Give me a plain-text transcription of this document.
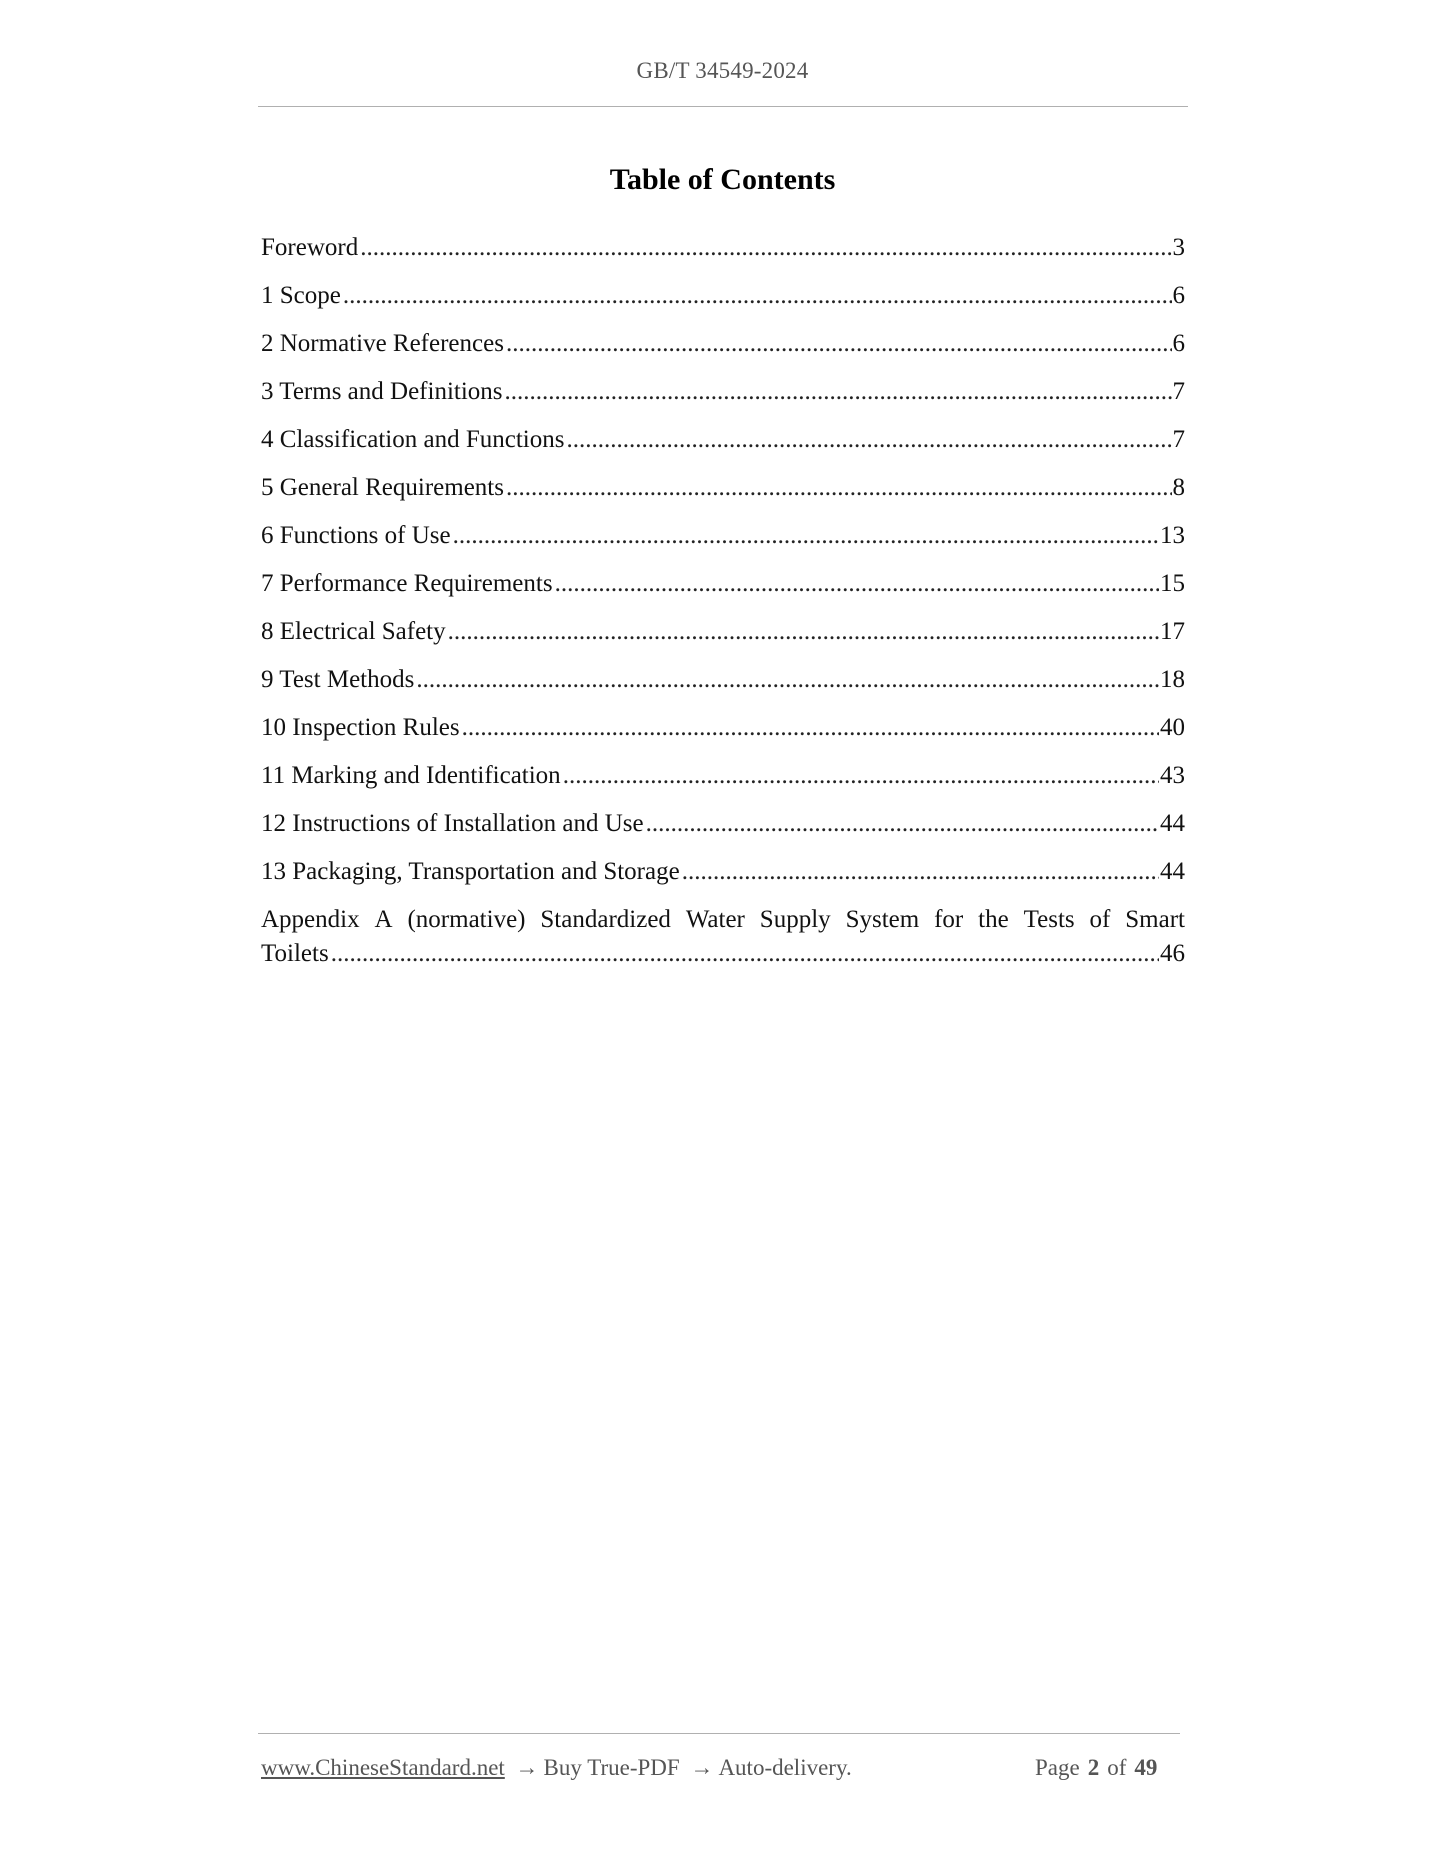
GB/T 34549-2024
Table of Contents
Foreword .....	3
1 Scope .....	6
2 Normative References .....	6
3 Terms and Definitions .....	7
4 Classification and Functions .....	7
5 General Requirements .....	8
6 Functions of Use .....	13
7 Performance Requirements .....	15
8 Electrical Safety .....	17
9 Test Methods .....	18
10 Inspection Rules .....	40
11 Marking and Identification .....	43
12 Instructions of Installation and Use .....	44
13 Packaging, Transportation and Storage .....	44
Appendix A (normative) Standardized Water Supply System for the Tests of Smart
Toilets .....	46
www.ChineseStandard.net → Buy True-PDF → Auto-delivery.	Page 2 of 49
